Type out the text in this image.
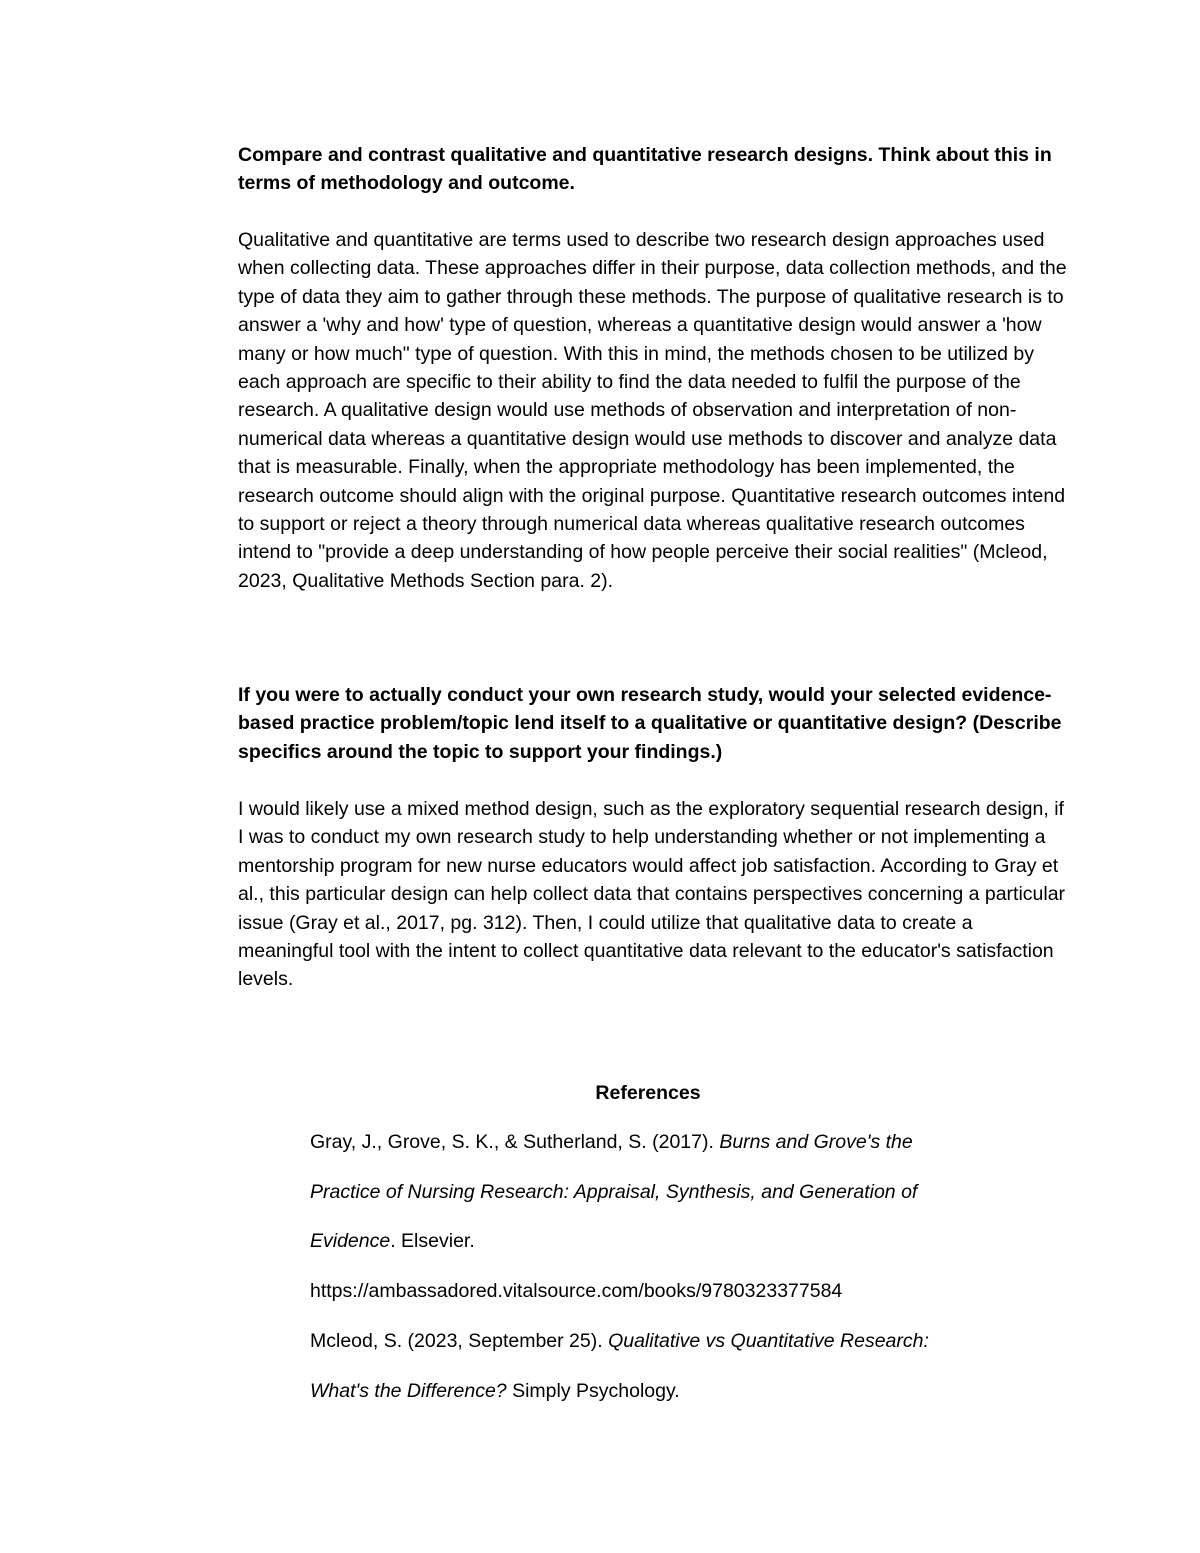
Compare and contrast qualitative and quantitative research designs. Think about this in terms of methodology and outcome.

Qualitative and quantitative are terms used to describe two research design approaches used when collecting data. These approaches differ in their purpose, data collection methods, and the type of data they aim to gather through these methods. The purpose of qualitative research is to answer a 'why and how' type of question, whereas a quantitative design would answer a 'how many or how much" type of question. With this in mind, the methods chosen to be utilized by each approach are specific to their ability to find the data needed to fulfil the purpose of the research. A qualitative design would use methods of observation and interpretation of non-numerical data whereas a quantitative design would use methods to discover and analyze data that is measurable. Finally, when the appropriate methodology has been implemented, the research outcome should align with the original purpose. Quantitative research outcomes intend to support or reject a theory through numerical data whereas qualitative research outcomes intend to "provide a deep understanding of how people perceive their social realities" (Mcleod, 2023, Qualitative Methods Section para. 2).

If you were to actually conduct your own research study, would your selected evidence-based practice problem/topic lend itself to a qualitative or quantitative design? (Describe specifics around the topic to support your findings.)

I would likely use a mixed method design, such as the exploratory sequential research design, if I was to conduct my own research study to help understanding whether or not implementing a mentorship program for new nurse educators would affect job satisfaction. According to Gray et al., this particular design can help collect data that contains perspectives concerning a particular issue (Gray et al., 2017, pg. 312). Then, I could utilize that qualitative data to create a meaningful tool with the intent to collect quantitative data relevant to the educator's satisfaction levels.

References
Gray, J., Grove, S. K., & Sutherland, S. (2017). Burns and Grove's the
Practice of Nursing Research: Appraisal, Synthesis, and Generation of
Evidence. Elsevier.
https://ambassadored.vitalsource.com/books/9780323377584
Mcleod, S. (2023, September 25). Qualitative vs Quantitative Research:
What's the Difference? Simply Psychology.
